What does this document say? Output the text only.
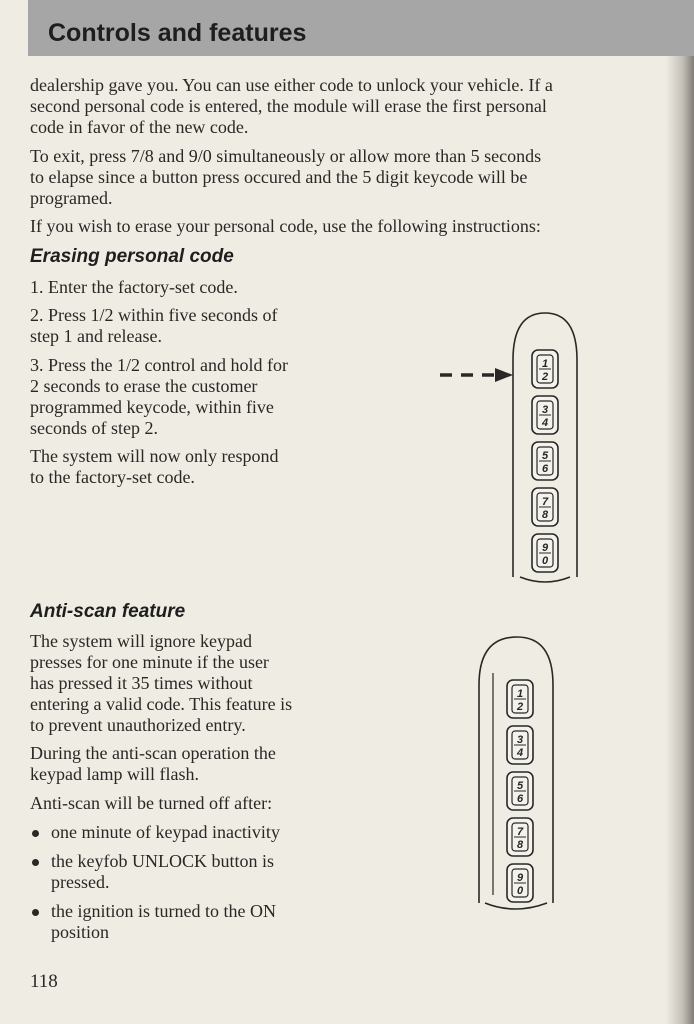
Controls and features

dealership gave you. You can use either code to unlock your vehicle. If a

second personal code is entered, the module will erase the first personal

code in favor of the new code.

To exit, press 7/8 and 9/0 simultaneously or allow more than 5 seconds

to elapse since a button press occured and the 5 digit keycode will be

programed.

If you wish to erase your personal code, use the following instructions:

Erasing personal code

1. Enter the factory-set code.

2. Press 1/2 within five seconds of

step 1 and release.

3. Press the 1/2 control and hold for

2 seconds to erase the customer

programmed keycode, within five

seconds of step 2.

The system will now only respond

to the factory-set code.

Anti-scan feature

The system will ignore keypad

presses for one minute if the user

has pressed it 35 times without

entering a valid code. This feature is

to prevent unauthorized entry.

During the anti-scan operation the

keypad lamp will flash.

Anti-scan will be turned off after:

one minute of keypad inactivity

the keyfob UNLOCK button is

pressed.

the ignition is turned to the ON

position

118
1
2
3
4
5
6
7
8
9
0
1
2
3
4
5
6
7
8
9
0
